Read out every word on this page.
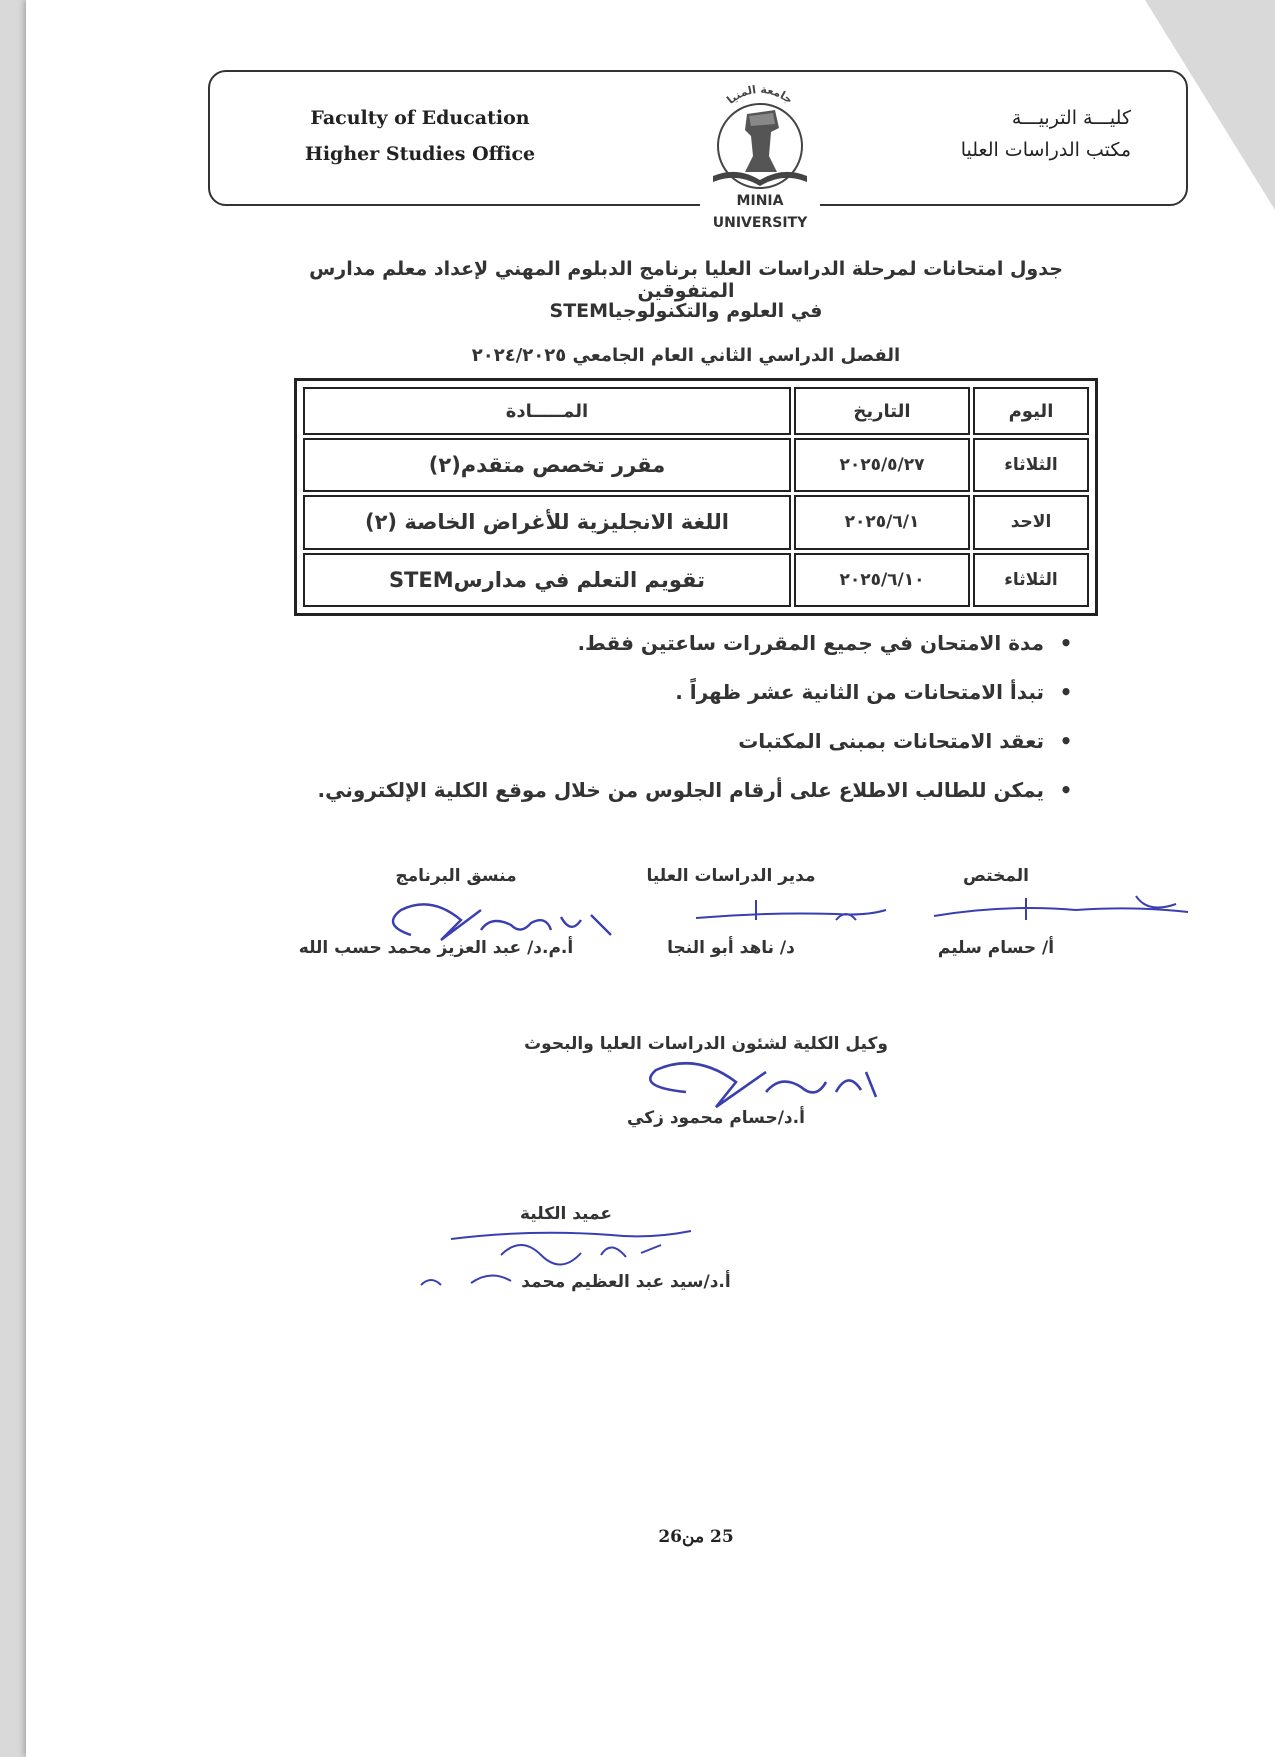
Faculty of Education
Higher Studies Office
جامعة المنيا
MINIA UNIVERSITY
كليـــة التربيـــة
مكتب الدراسات العليا
جدول امتحانات لمرحلة الدراسات العليا برنامج الدبلوم المهني لإعداد معلم مدارس المتفوقين
في العلوم والتكنولوجياSTEM
الفصل الدراسي الثاني العام الجامعي ٢٠٢٤/٢٠٢٥
اليوم	التاريخ	المـــــادة
الثلاثاء	٢٠٢٥/٥/٢٧	مقرر تخصص متقدم(٢)
الاحد	٢٠٢٥/٦/١	اللغة الانجليزية للأغراض الخاصة (٢)
الثلاثاء	٢٠٢٥/٦/١٠	تقويم التعلم في مدارسSTEM
•
مدة الامتحان في جميع المقررات ساعتين فقط.
•
تبدأ الامتحانات من الثانية عشر ظهراً .
•
تعقد الامتحانات بمبنى المكتبات
•
يمكن للطالب الاطلاع على أرقام الجلوس من خلال موقع الكلية الإلكتروني.
المختص
أ/ حسام سليم
مدير الدراسات العليا
د/ ناهد أبو النجا
منسق البرنامج
أ.م.د/ عبد العزيز محمد حسب الله
وكيل الكلية لشئون الدراسات العليا والبحوث
أ.د/حسام محمود زكي
عميد الكلية
أ.د/سيد عبد العظيم محمد
25 من26
